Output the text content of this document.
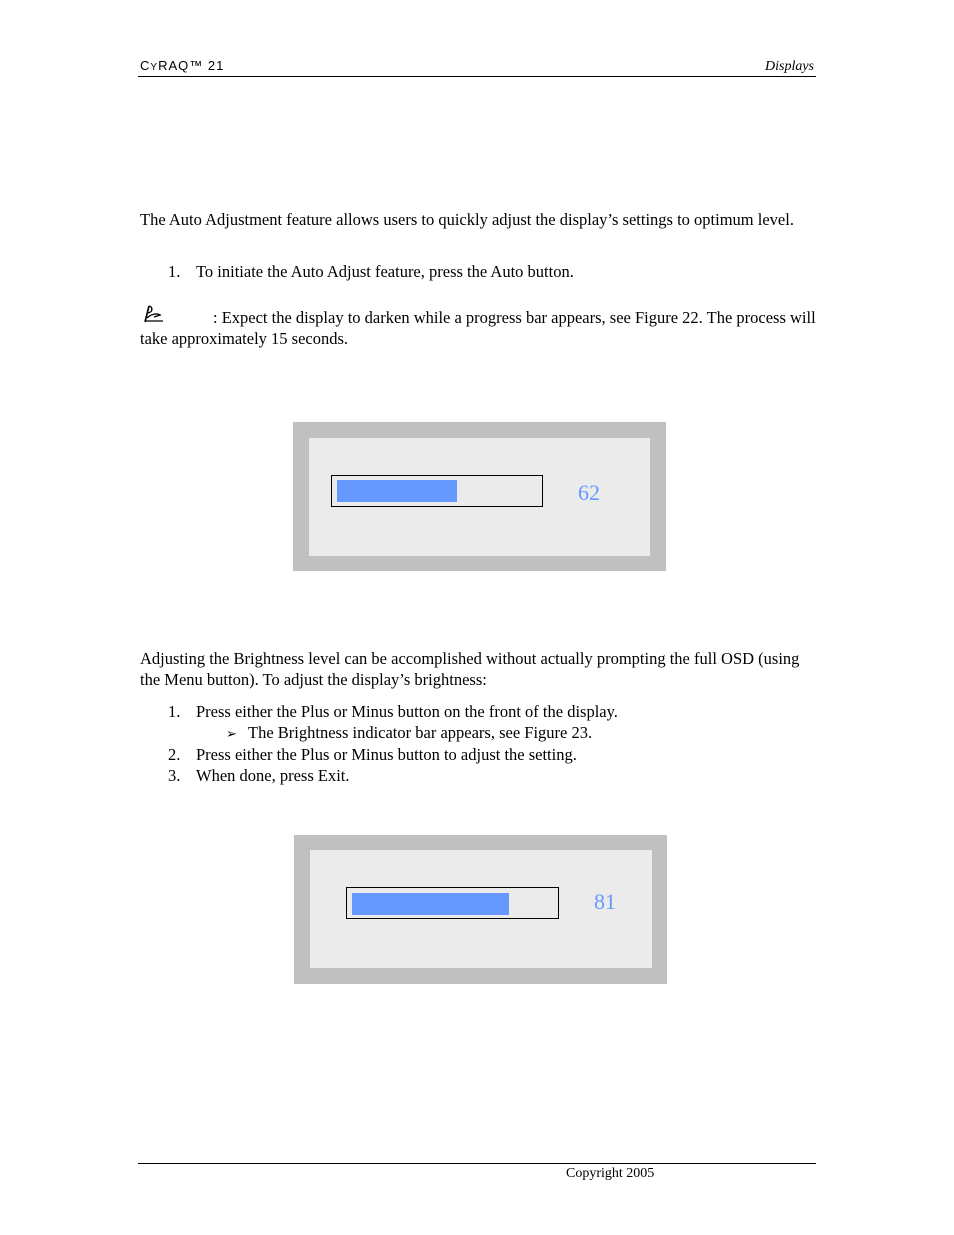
CYRAQ™ 21	Displays
The Auto Adjustment feature allows users to quickly adjust the display’s settings to optimum level.
1. To initiate the Auto Adjust feature, press the Auto button.
: Expect the display to darken while a progress bar appears, see Figure 22. The process will take approximately 15 seconds.
62
Adjusting the Brightness level can be accomplished without actually prompting the full OSD (using the Menu button). To adjust the display’s brightness:
1. Press either the Plus or Minus button on the front of the display.
➢ The Brightness indicator bar appears, see Figure 23.
2. Press either the Plus or Minus button to adjust the setting.
3. When done, press Exit.
81
Copyright 2005
